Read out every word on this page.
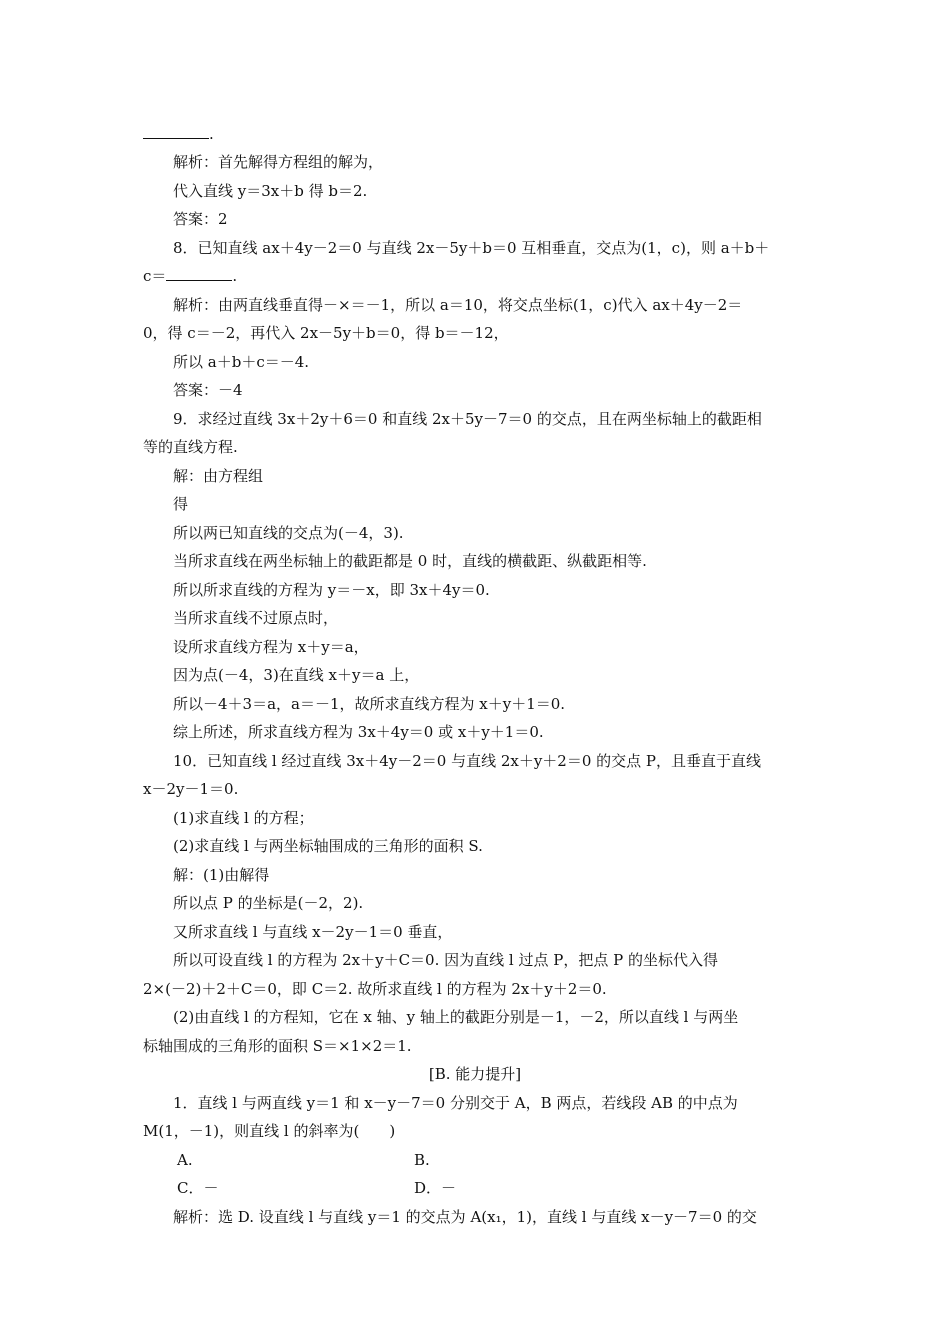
.
解析：首先解得方程组的解为，
代入直线 y＝3x＋b 得 b＝2.
答案：2
8．已知直线 ax＋4y－2＝0 与直线 2x－5y＋b＝0 互相垂直，交点为(1，c)，则 a＋b＋
c＝	.
解析：由两直线垂直得－×＝－1，所以 a＝10，将交点坐标(1，c)代入 ax＋4y－2＝
0，得 c＝－2，再代入 2x－5y＋b＝0，得 b＝－12，
所以 a＋b＋c＝－4.
答案：－4
9．求经过直线 3x＋2y＋6＝0 和直线 2x＋5y－7＝0 的交点，且在两坐标轴上的截距相
等的直线方程.
解：由方程组
得
所以两已知直线的交点为(－4，3).
当所求直线在两坐标轴上的截距都是 0 时，直线的横截距、纵截距相等.
所以所求直线的方程为 y＝－x，即 3x＋4y＝0.
当所求直线不过原点时，
设所求直线方程为 x＋y＝a，
因为点(－4，3)在直线 x＋y＝a 上，
所以－4＋3＝a，a＝－1，故所求直线方程为 x＋y＋1＝0.
综上所述，所求直线方程为 3x＋4y＝0 或 x＋y＋1＝0.
10．已知直线 l 经过直线 3x＋4y－2＝0 与直线 2x＋y＋2＝0 的交点 P，且垂直于直线
x－2y－1＝0.
(1)求直线 l 的方程；
(2)求直线 l 与两坐标轴围成的三角形的面积 S.
解：(1)由解得
所以点 P 的坐标是(－2，2).
又所求直线 l 与直线 x－2y－1＝0 垂直，
所以可设直线 l 的方程为 2x＋y＋C＝0. 因为直线 l 过点 P，把点 P 的坐标代入得
2×(－2)＋2＋C＝0，即 C＝2. 故所求直线 l 的方程为 2x＋y＋2＝0.
(2)由直线 l 的方程知，它在 x 轴、y 轴上的截距分别是－1，－2，所以直线 l 与两坐
标轴围成的三角形的面积 S＝×1×2＝1.
[B. 能力提升]
1．直线 l 与两直线 y＝1 和 x－y－7＝0 分别交于 A，B 两点，若线段 AB 的中点为
M(1，－1)，则直线 l 的斜率为(　　)
A.	B.
C．－	D．－
解析：选 D. 设直线 l 与直线 y＝1 的交点为 A(x₁，1)，直线 l 与直线 x－y－7＝0 的交
